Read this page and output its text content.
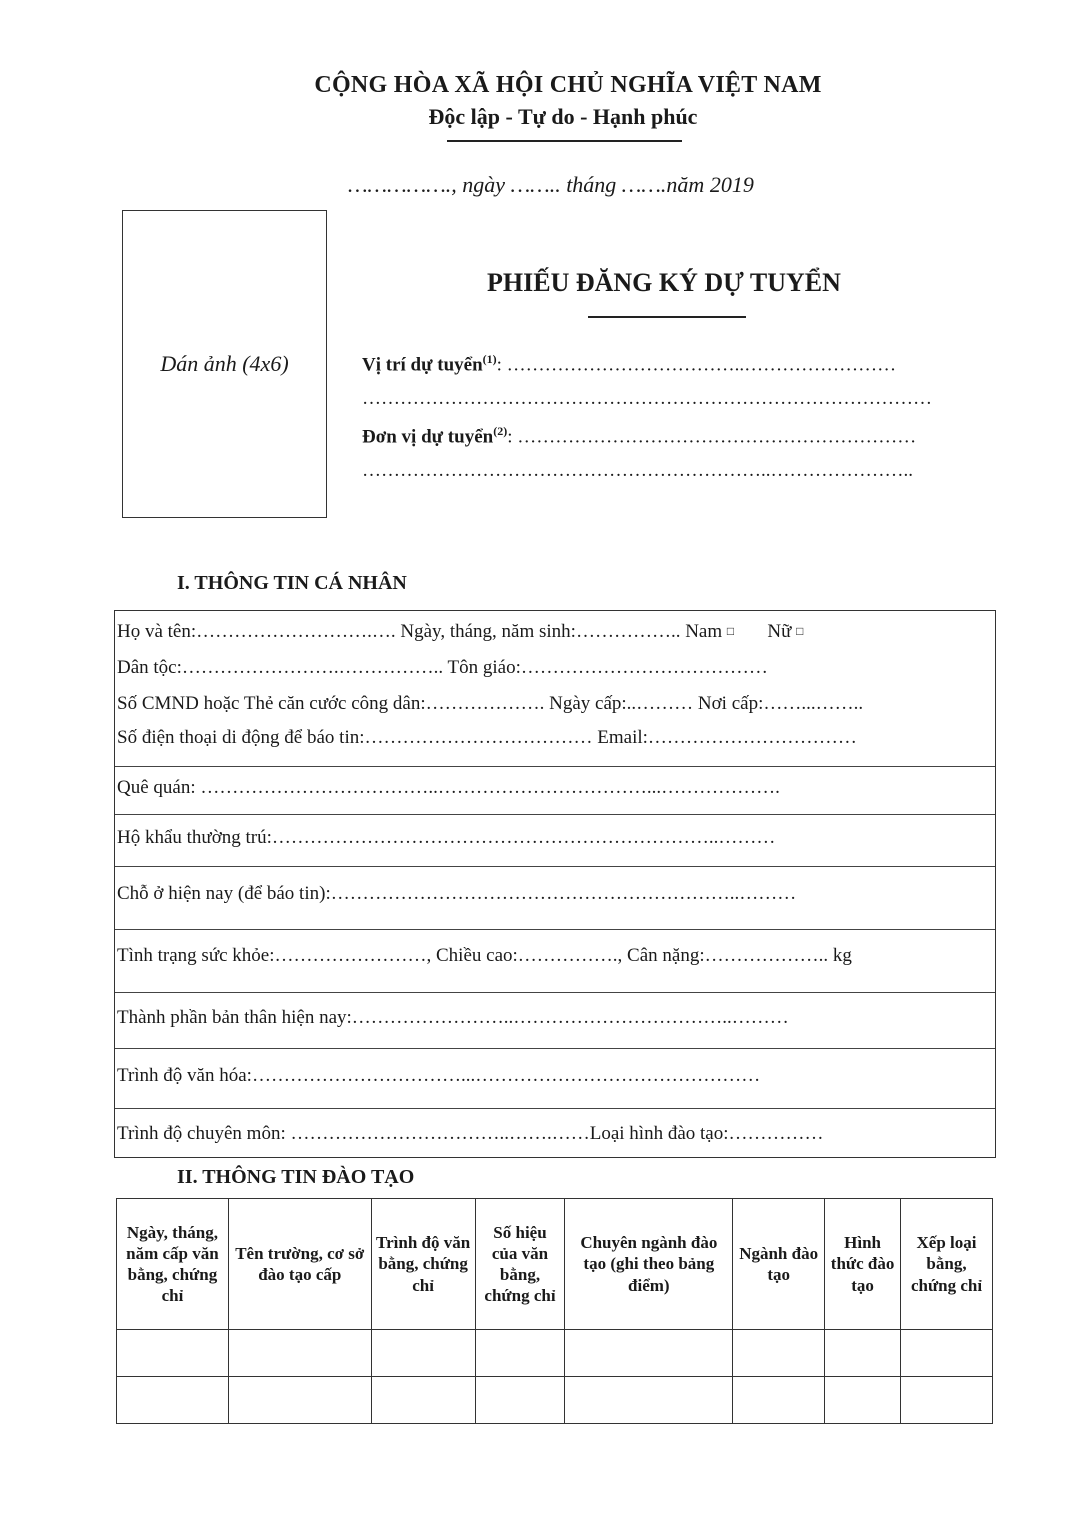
CỘNG HÒA XÃ HỘI CHỦ NGHĨA VIỆT NAM
Độc lập - Tự do - Hạnh phúc
……………., ngày …….. tháng …….năm 2019
Dán ảnh (4x6)
PHIẾU ĐĂNG KÝ DỰ TUYỂN
Vị trí dự tuyển$^{(1)}$: ………………………………..……………………
………………………………………………………………………………
Đơn vị dự tuyển$^{(2)}$: ………………………………………………………
………………………………………………………..…………………..
I. THÔNG TIN CÁ NHÂN
Họ và tên:……………………….…. Ngày, tháng, năm sinh:…………….. Nam □ Nữ □
Dân tộc:…………………….…………….. Tôn giáo:…………………………………
Số CMND hoặc Thẻ căn cước công dân:………………. Ngày cấp:..……… Nơi cấp:……...……..
Số điện thoại di động để báo tin:……………………………… Email:……………………………
Quê quán: ………………………………..……………………………...……………….
Hộ khẩu thường trú:……………………………………………………………..………
Chỗ ở hiện nay (để báo tin):………………………………………………………..………
Tình trạng sức khỏe:……………………, Chiều cao:……………., Cân nặng:……………….. kg
Thành phần bản thân hiện nay:……………………..……………………………..………
Trình độ văn hóa:……………………………...………………………………………
Trình độ chuyên môn: ……………………………..…….……Loại hình đào tạo:……………
II. THÔNG TIN ĐÀO TẠO
Ngày, tháng, năm cấp văn bằng, chứng chỉ	Tên trường, cơ sở đào tạo cấp	Trình độ văn bằng, chứng chỉ	Số hiệu của văn bằng, chứng chỉ	Chuyên ngành đào tạo (ghi theo bảng điểm)	Ngành đào tạo	Hình thức đào tạo	Xếp loại bằng, chứng chỉ
